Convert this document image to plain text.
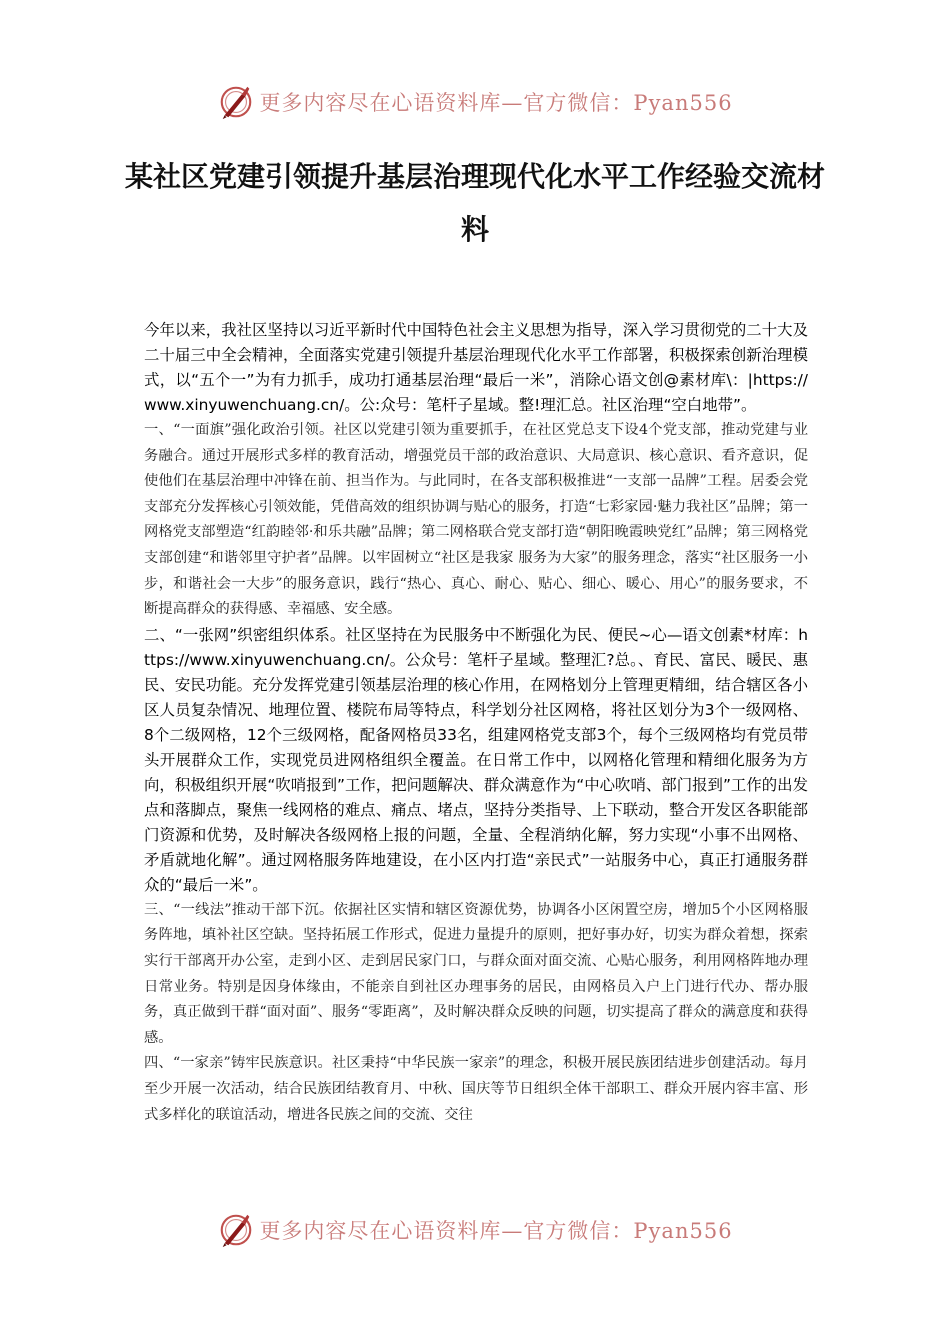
更多内容尽在心语资料库—官方微信：Pyan556
某社区党建引领提升基层治理现代化水平工作经验交流材料

今年以来，我社区坚持以习近平新时代中国特色社会主义思想为指导，深入学习贯彻党的二十大及二十届三中全会精神，全面落实党建引领提升基层治理现代化水平工作部署，积极探索创新治理模式，以“五个一”为有力抓手，成功打通基层治理“最后一米”，消除心语文创@素材库\：|https://www.xinyuwenchuang.cn/。公:众号：笔杆子星域。整!理汇总。社区治理“空白地带”。

一、“一面旗”强化政治引领。社区以党建引领为重要抓手，在社区党总支下设4个党支部，推动党建与业务融合。通过开展形式多样的教育活动，增强党员干部的政治意识、大局意识、核心意识、看齐意识，促使他们在基层治理中冲锋在前、担当作为。与此同时，在各支部积极推进“一支部一品牌”工程。居委会党支部充分发挥核心引领效能，凭借高效的组织协调与贴心的服务，打造“七彩家园·魅力我社区”品牌；第一网格党支部塑造“红韵睦邻·和乐共融”品牌；第二网格联合党支部打造“朝阳晚霞映党红”品牌；第三网格党支部创建“和谐邻里守护者”品牌。以牢固树立“社区是我家 服务为大家”的服务理念，落实“社区服务一小步，和谐社会一大步”的服务意识，践行“热心、真心、耐心、贴心、细心、暖心、用心”的服务要求，不断提高群众的获得感、幸福感、安全感。

二、“一张网”织密组织体系。社区坚持在为民服务中不断强化为民、便民~心—语文创素*材库：https://www.xinyuwenchuang.cn/。公众号：笔杆子星域。整理汇?总。、育民、富民、暖民、惠民、安民功能。充分发挥党建引领基层治理的核心作用，在网格划分上管理更精细，结合辖区各小区人员复杂情况、地理位置、楼院布局等特点，科学划分社区网格，将社区划分为3个一级网格、8个二级网格，12个三级网格，配备网格员33名，组建网格党支部3个，每个三级网格均有党员带头开展群众工作，实现党员进网格组织全覆盖。在日常工作中，以网格化管理和精细化服务为方向，积极组织开展“吹哨报到”工作，把问题解决、群众满意作为“中心吹哨、部门报到”工作的出发点和落脚点，聚焦一线网格的难点、痛点、堵点，坚持分类指导、上下联动，整合开发区各职能部门资源和优势，及时解决各级网格上报的问题，全量、全程消纳化解，努力实现“小事不出网格、矛盾就地化解”。通过网格服务阵地建设，在小区内打造“亲民式”一站服务中心，真正打通服务群众的“最后一米”。

三、“一线法”推动干部下沉。依据社区实情和辖区资源优势，协调各小区闲置空房，增加5个小区网格服务阵地，填补社区空缺。坚持拓展工作形式，促进力量提升的原则，把好事办好，切实为群众着想，探索实行干部离开办公室，走到小区、走到居民家门口，与群众面对面交流、心贴心服务，利用网格阵地办理日常业务。特别是因身体缘由，不能亲自到社区办理事务的居民，由网格员入户上门进行代办、帮办服务，真正做到干群“面对面”、服务“零距离”，及时解决群众反映的问题，切实提高了群众的满意度和获得感。

四、“一家亲”铸牢民族意识。社区秉持“中华民族一家亲”的理念，积极开展民族团结进步创建活动。每月至少开展一次活动，结合民族团结教育月、中秋、国庆等节日组织全体干部职工、群众开展内容丰富、形式多样化的联谊活动，增进各民族之间的交流、交往

更多内容尽在心语资料库—官方微信：Pyan556
